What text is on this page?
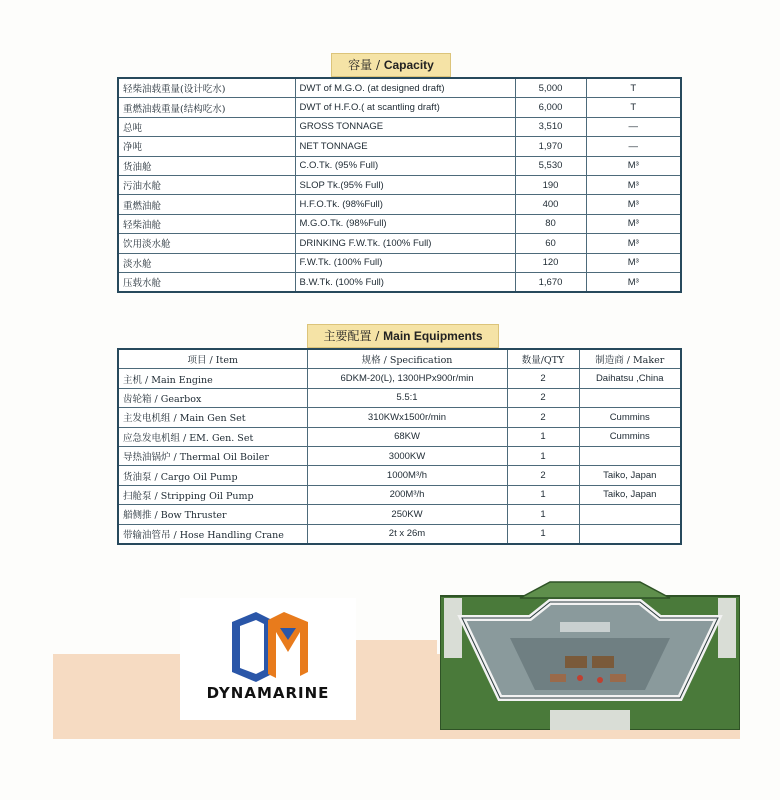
容量 / Capacity
轻柴油载重量(设计吃水)	DWT of M.G.O. (at designed draft)	5,000	T
重燃油载重量(结构吃水)	DWT of H.F.O.( at scantling draft)	6,000	T
总吨	GROSS TONNAGE	3,510	—
净吨	NET TONNAGE	1,970	—
货油舱	C.O.Tk. (95% Full)	5,530	M³
污油水舱	SLOP Tk.(95% Full)	190	M³
重燃油舱	H.F.O.Tk. (98%Full)	400	M³
轻柴油舱	M.G.O.Tk. (98%Full)	80	M³
饮用淡水舱	DRINKING F.W.Tk. (100% Full)	60	M³
淡水舱	F.W.Tk. (100% Full)	120	M³
压载水舱	B.W.Tk. (100% Full)	1,670	M³
主要配置 / Main Equipments
项目 / Item	规格 / Specification	数量/QTY	制造商 / Maker
主机 / Main Engine	6DKM-20(L), 1300HPx900r/min	2	Daihatsu ,China
齿轮箱 / Gearbox	5.5:1	2	
主发电机组 / Main Gen Set	310KWx1500r/min	2	Cummins
应急发电机组 / EM. Gen. Set	68KW	1	Cummins
导热油锅炉 / Thermal Oil Boiler	3000KW	1	
货油泵 / Cargo Oil Pump	1000M³/h	2	Taiko, Japan
扫舱泵 / Stripping Oil Pump	200M³/h	1	Taiko, Japan
艏侧推 / Bow Thruster	250KW	1	
带输油管吊 / Hose Handling Crane	2t x 26m	1	
DYNAMARINE
